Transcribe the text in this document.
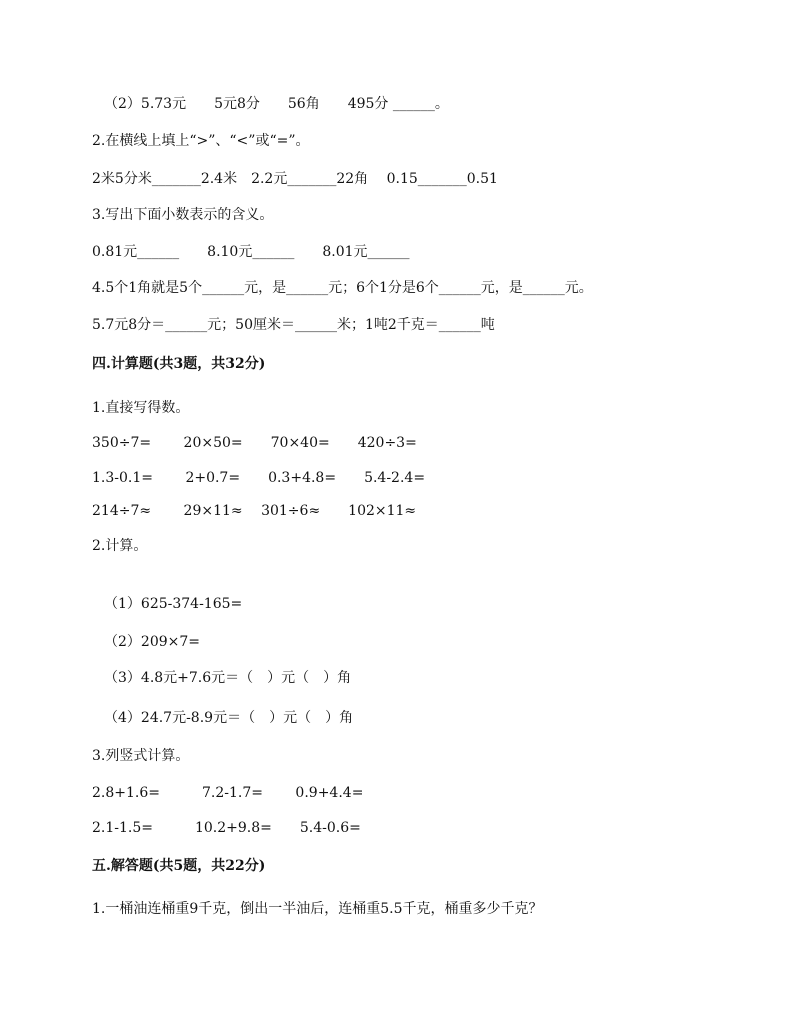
（2）5.73元　　5元8分　　56角　　495分 ______。
2.在横线上填上“>”、“<”或“=”。
2米5分米_______2.4米　2.2元_______22角　 0.15_______0.51
3.写出下面小数表示的含义。
0.81元______　　8.10元______　　8.01元______
4.5个1角就是5个______元，是______元；6个1分是6个______元，是______元。
5.7元8分＝______元；50厘米＝______米；1吨2千克＝______吨
四.计算题(共3题，共32分)
1.直接写得数。
350÷7=　　 20×50=　　70×40=　　420÷3=
1.3-0.1=　　 2+0.7=　　0.3+4.8=　　5.4-2.4=
214÷7≈　　 29×11≈　 301÷6≈　　102×11≈
2.计算。
（1）625-374-165=
（2）209×7=
（3）4.8元+7.6元＝（　）元（　）角
（4）24.7元-8.9元＝（　）元（　）角
3.列竖式计算。
2.8+1.6=　　　7.2-1.7=　　 0.9+4.4=
2.1-1.5=　　　10.2+9.8=　　5.4-0.6=
五.解答题(共5题，共22分)
1.一桶油连桶重9千克，倒出一半油后，连桶重5.5千克，桶重多少千克？
